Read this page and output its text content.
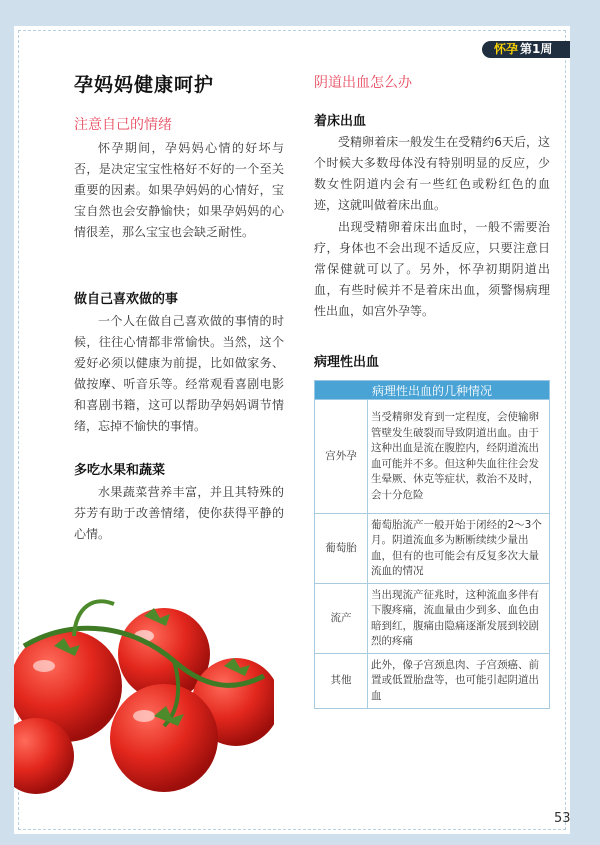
怀孕 第1周
孕妈妈健康呵护
注意自己的情绪

怀孕期间，孕妈妈心情的好坏与否，是决定宝宝性格好不好的一个至关重要的因素。如果孕妈妈的心情好，宝宝自然也会安静愉快；如果孕妈妈的心情很差，那么宝宝也会缺乏耐性。

做自己喜欢做的事

一个人在做自己喜欢做的事情的时候，往往心情都非常愉快。当然，这个爱好必须以健康为前提，比如做家务、做按摩、听音乐等。经常观看喜剧电影和喜剧书籍，这可以帮助孕妈妈调节情绪，忘掉不愉快的事情。

多吃水果和蔬菜

水果蔬菜营养丰富，并且其特殊的芬芳有助于改善情绪，使你获得平静的心情。

阴道出血怎么办
着床出血

受精卵着床一般发生在受精约6天后，这个时候大多数母体没有特别明显的反应，少数女性阴道内会有一些红色或粉红色的血迹，这就叫做着床出血。

出现受精卵着床出血时，一般不需要治疗，身体也不会出现不适反应，只要注意日常保健就可以了。另外，怀孕初期阴道出血，有些时候并不是着床出血，须警惕病理性出血，如宫外孕等。

病理性出血
病理性出血的几种情况	
宫外孕	当受精卵发育到一定程度，会使输卵管壁发生破裂而导致阴道出血。由于这种出血是流在腹腔内，经阴道流出血可能并不多。但这种失血往往会发生晕厥、休克等症状，救治不及时，会十分危险
葡萄胎	葡萄胎流产一般开始于闭经的2～3个月。阴道流血多为断断续续少量出血，但有的也可能会有反复多次大量流血的情况
流产	当出现流产征兆时，这种流血多伴有下腹疼痛，流血量由少到多、血色由暗到红，腹痛由隐痛逐渐发展到较剧烈的疼痛
其他	此外，像子宫颈息肉、子宫颈癌、前置或低置胎盘等，也可能引起阴道出血
53
